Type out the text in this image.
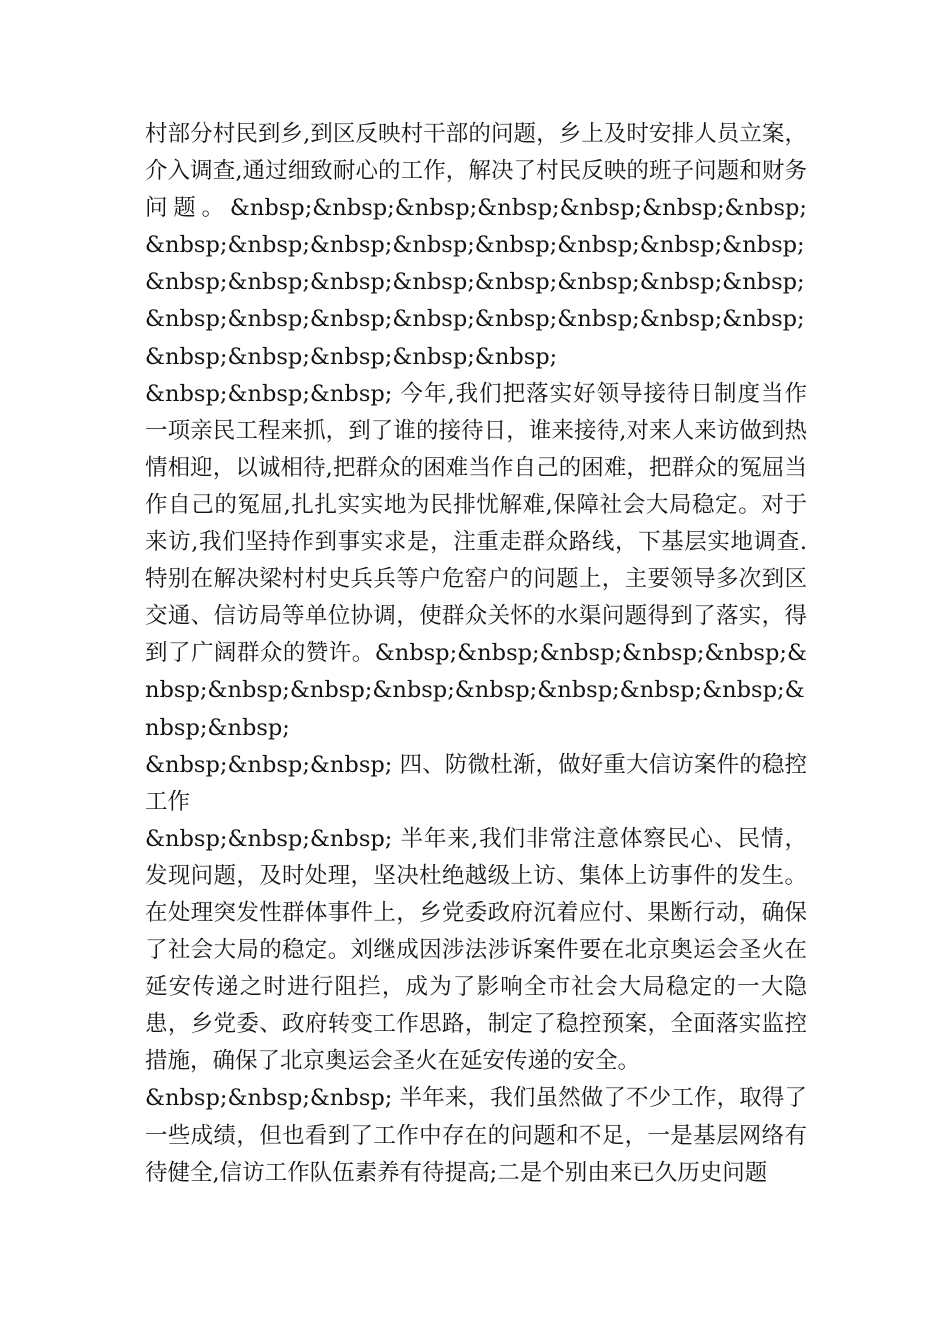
村部分村民到乡,到区反映村干部的问题，乡上及时安排人员立案，介入调查,通过细致耐心的工作，解决了村民反映的班子问题和财务问题。&nbsp;&nbsp;&nbsp;&nbsp;&nbsp;&nbsp;&nbsp;&nbsp;&nbsp;&nbsp;&nbsp;&nbsp;&nbsp;&nbsp;&nbsp;&nbsp;&nbsp;&nbsp;&nbsp;&nbsp;&nbsp;&nbsp;&nbsp;&nbsp;&nbsp;&nbsp;&nbsp;&nbsp;&nbsp;&nbsp;&nbsp;&nbsp;&nbsp;&nbsp;&nbsp;&nbsp;

&nbsp;&nbsp;&nbsp; 今年,我们把落实好领导接待日制度当作一项亲民工程来抓，到了谁的接待日，谁来接待,对来人来访做到热情相迎，以诚相待,把群众的困难当作自己的困难，把群众的冤屈当作自己的冤屈,扎扎实实地为民排忧解难,保障社会大局稳定。对于来访,我们坚持作到事实求是，注重走群众路线，下基层实地调查.特别在解决梁村村史兵兵等户危窑户的问题上，主要领导多次到区交通、信访局等单位协调，使群众关怀的水渠问题得到了落实，得到了广阔群众的赞许。&nbsp;&nbsp;&nbsp;&nbsp;&nbsp;&nbsp;&nbsp;&nbsp;&nbsp;&nbsp;&nbsp;&nbsp;&nbsp;&nbsp;&nbsp;

&nbsp;&nbsp;&nbsp; 四、防微杜渐，做好重大信访案件的稳控工作

&nbsp;&nbsp;&nbsp; 半年来,我们非常注意体察民心、民情，发现问题，及时处理，坚决杜绝越级上访、集体上访事件的发生。在处理突发性群体事件上，乡党委政府沉着应付、果断行动，确保了社会大局的稳定。刘继成因涉法涉诉案件要在北京奥运会圣火在延安传递之时进行阻拦，成为了影响全市社会大局稳定的一大隐患，乡党委、政府转变工作思路，制定了稳控预案，全面落实监控措施，确保了北京奥运会圣火在延安传递的安全。

&nbsp;&nbsp;&nbsp; 半年来，我们虽然做了不少工作，取得了一些成绩，但也看到了工作中存在的问题和不足，一是基层网络有待健全,信访工作队伍素养有待提高;二是个别由来已久历史问题
